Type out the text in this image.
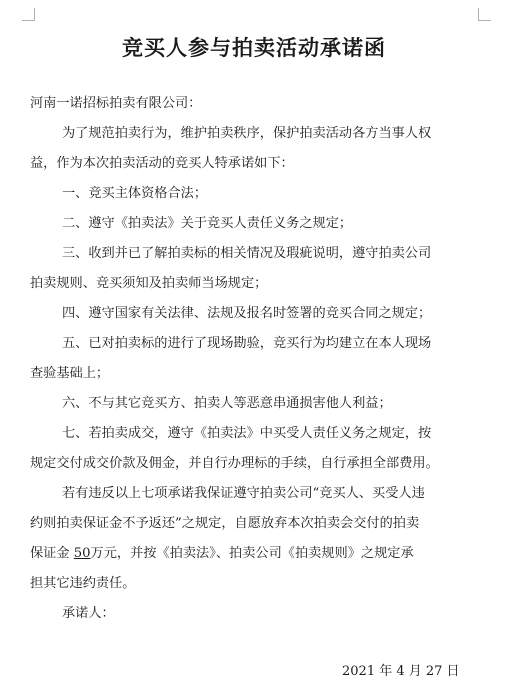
竞买人参与拍卖活动承诺函
河南一诺招标拍卖有限公司：
为了规范拍卖行为，维护拍卖秩序，保护拍卖活动各方当事人权
益，作为本次拍卖活动的竞买人特承诺如下：
一、竞买主体资格合法；
二、遵守《拍卖法》关于竞买人责任义务之规定；
三、收到并已了解拍卖标的相关情况及瑕疵说明，遵守拍卖公司
拍卖规则、竞买须知及拍卖师当场规定；
四、遵守国家有关法律、法规及报名时签署的竞买合同之规定；
五、已对拍卖标的进行了现场勘验，竞买行为均建立在本人现场
查验基础上；
六、不与其它竞买方、拍卖人等恶意串通损害他人利益；
七、若拍卖成交，遵守《拍卖法》中买受人责任义务之规定，按
规定交付成交价款及佣金，并自行办理标的手续，自行承担全部费用。
若有违反以上七项承诺我保证遵守拍卖公司“竞买人、买受人违
约则拍卖保证金不予返还”之规定，自愿放弃本次拍卖会交付的拍卖
保证金 50万元，并按《拍卖法》、拍卖公司《拍卖规则》之规定承
担其它违约责任。
承诺人：
2021 年 4 月 27 日
